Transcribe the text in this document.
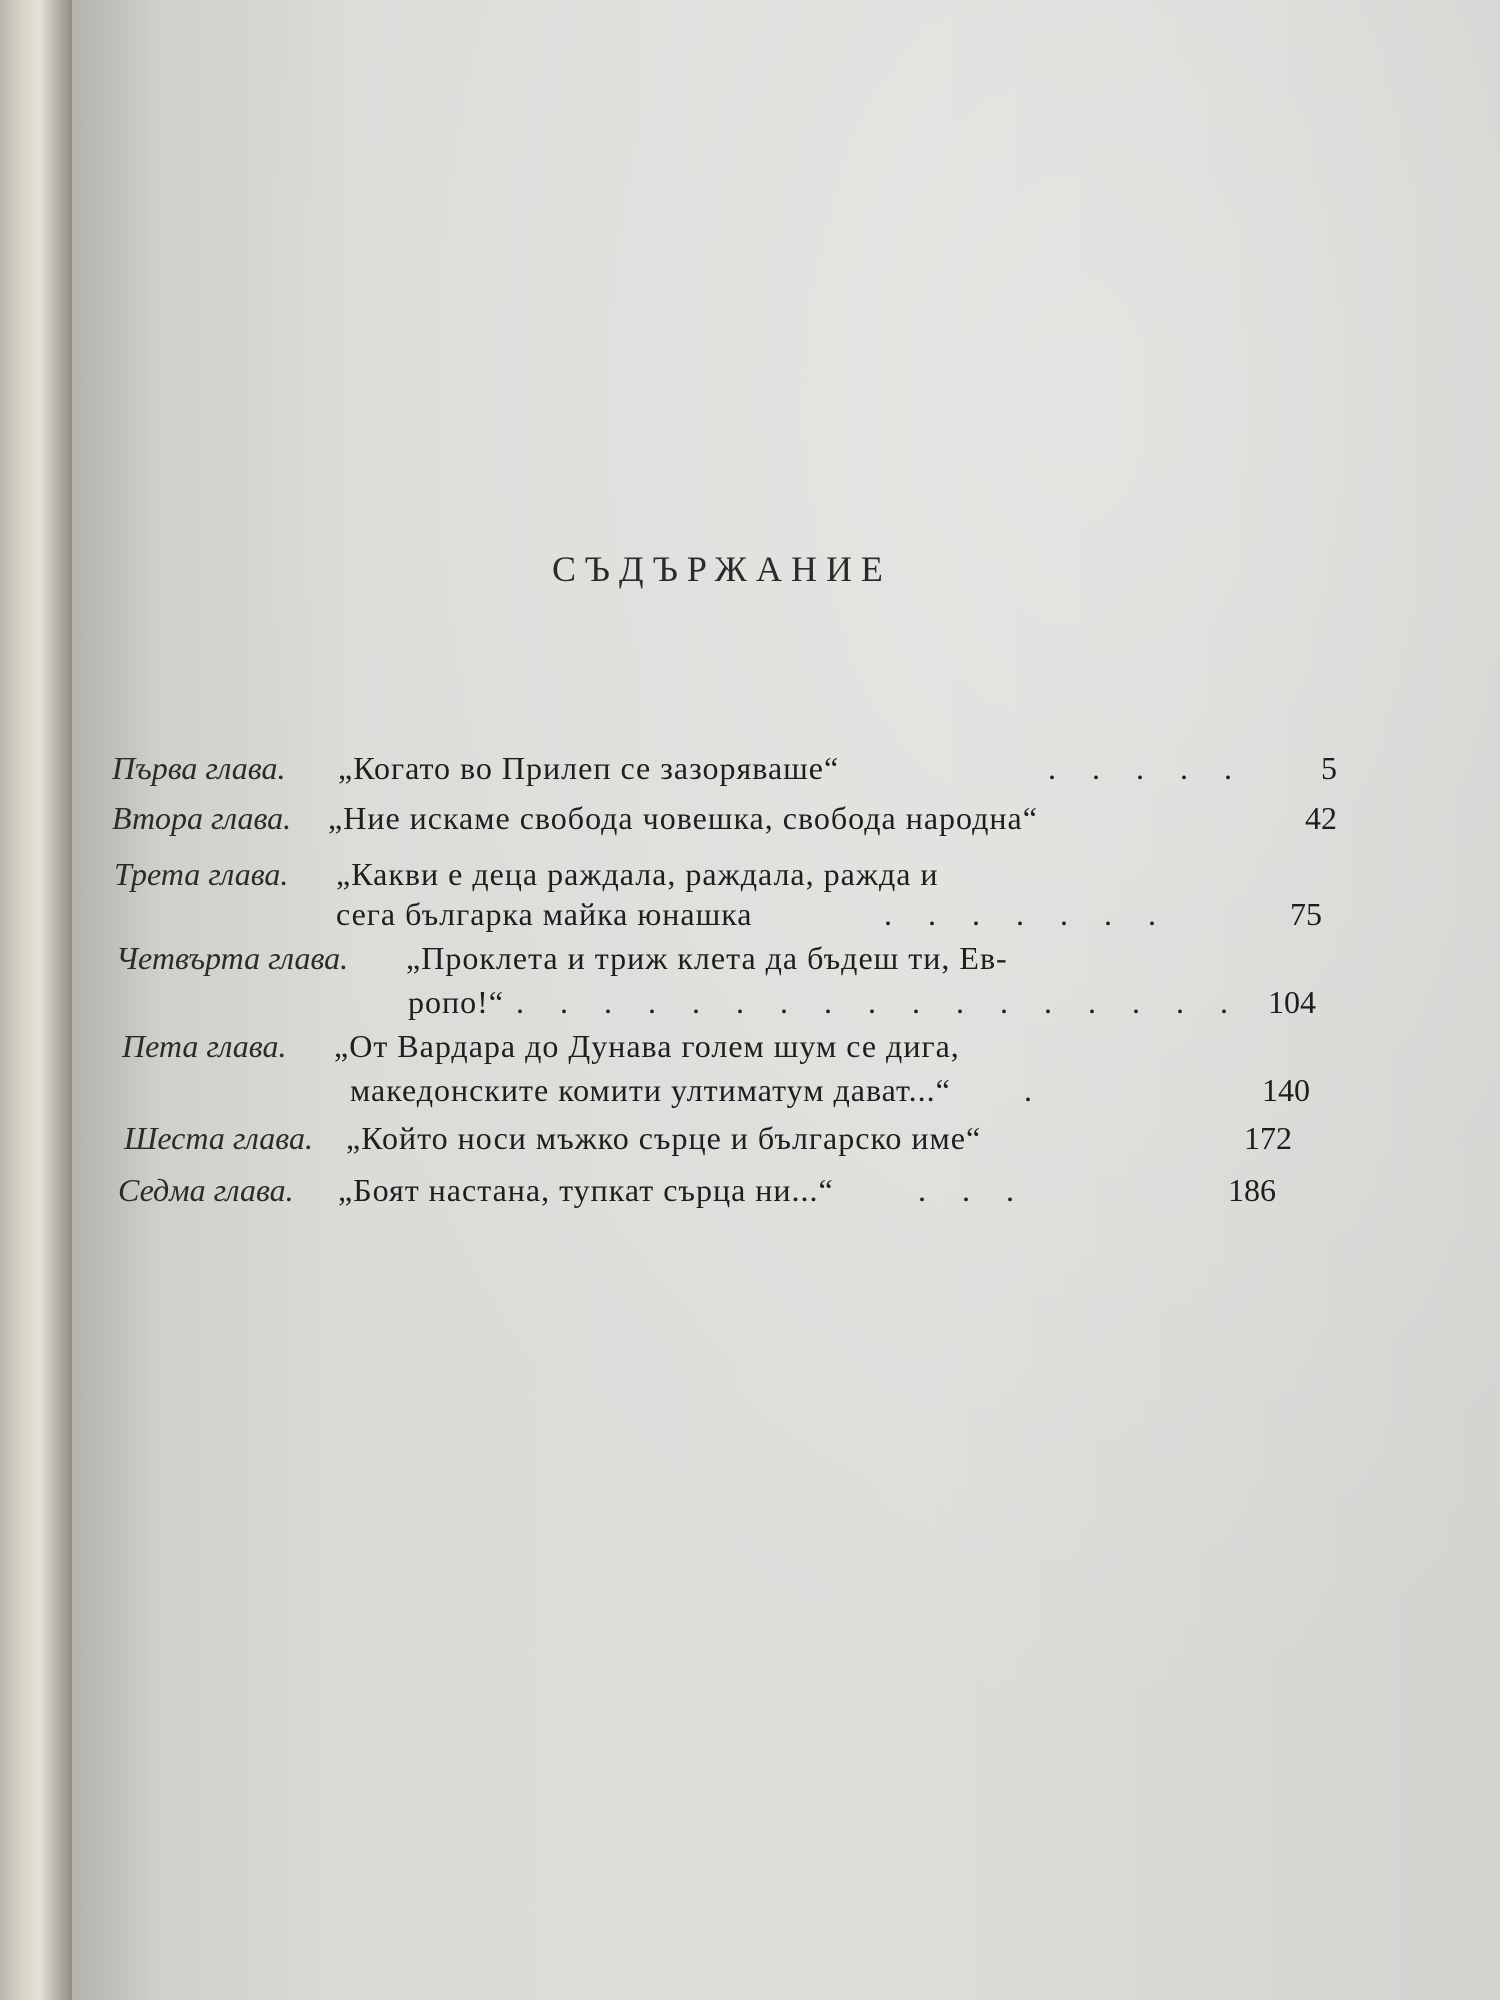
СЪДЪРЖАНИЕ
Първа глава. „Когато во Прилеп се зазоряваше“	. . . . .	5
Втора глава. „Ние искаме свобода човешка, свобода народна“	42
Трета глава. „Какви е деца раждала, раждала, ражда и
сега българка майка юнашка	. . . . . . .	75
Четвърта глава. „Проклета и триж клета да бъдеш ти, Ев-
ропо!“ . . . . . . . . . . . . . . . . . 104
Пета глава. „От Вардара до Дунава голем шум се дига,
македонските комити ултиматум дават...“ .	140
Шеста глава. „Който носи мъжко сърце и българско име“	172
Седма глава. „Боят настана, тупкат сърца ни...“	. . .	186
